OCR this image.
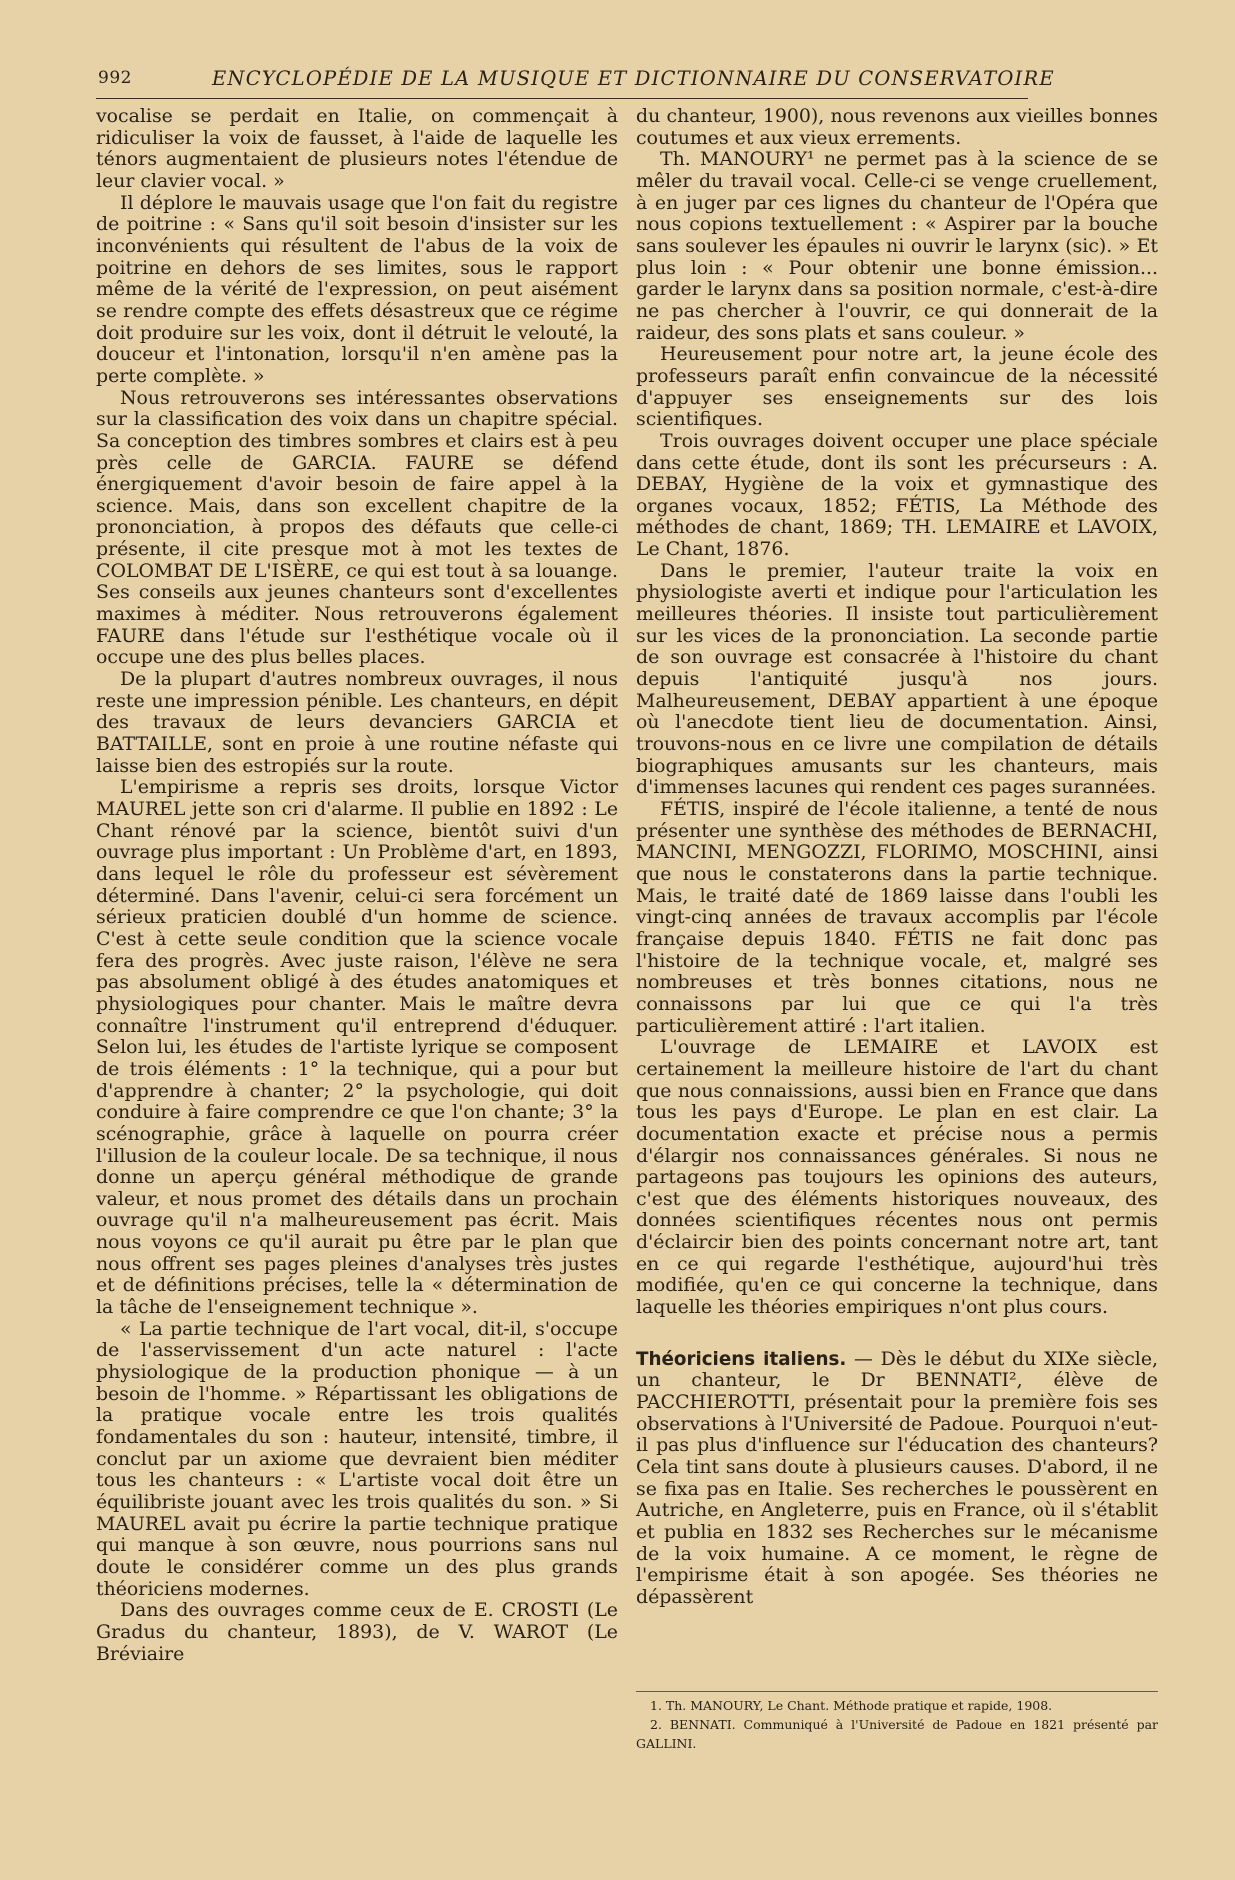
992	ENCYCLOPÉDIE DE LA MUSIQUE ET DICTIONNAIRE DU CONSERVATOIRE

vocalise se perdait en Italie, on commençait à ridiculiser la voix de fausset, à l'aide de laquelle les ténors augmentaient de plusieurs notes l'étendue de leur clavier vocal. »

Il déplore le mauvais usage que l'on fait du registre de poitrine : « Sans qu'il soit besoin d'insister sur les inconvénients qui résultent de l'abus de la voix de poitrine en dehors de ses limites, sous le rapport même de la vérité de l'expression, on peut aisément se rendre compte des effets désastreux que ce régime doit produire sur les voix, dont il détruit le velouté, la douceur et l'intonation, lorsqu'il n'en amène pas la perte complète. »

Nous retrouverons ses intéressantes observations sur la classification des voix dans un chapitre spécial. Sa conception des timbres sombres et clairs est à peu près celle de GARCIA. FAURE se défend énergiquement d'avoir besoin de faire appel à la science. Mais, dans son excellent chapitre de la prononciation, à propos des défauts que celle-ci présente, il cite presque mot à mot les textes de COLOMBAT DE L'ISÈRE, ce qui est tout à sa louange. Ses conseils aux jeunes chanteurs sont d'excellentes maximes à méditer. Nous retrouverons également FAURE dans l'étude sur l'esthétique vocale où il occupe une des plus belles places.

De la plupart d'autres nombreux ouvrages, il nous reste une impression pénible. Les chanteurs, en dépit des travaux de leurs devanciers GARCIA et BATTAILLE, sont en proie à une routine néfaste qui laisse bien des estropiés sur la route.

L'empirisme a repris ses droits, lorsque Victor MAUREL jette son cri d'alarme. Il publie en 1892 : Le Chant rénové par la science, bientôt suivi d'un ouvrage plus important : Un Problème d'art, en 1893, dans lequel le rôle du professeur est sévèrement déterminé. Dans l'avenir, celui-ci sera forcément un sérieux praticien doublé d'un homme de science. C'est à cette seule condition que la science vocale fera des progrès. Avec juste raison, l'élève ne sera pas absolument obligé à des études anatomiques et physiologiques pour chanter. Mais le maître devra connaître l'instrument qu'il entreprend d'éduquer. Selon lui, les études de l'artiste lyrique se composent de trois éléments : 1° la technique, qui a pour but d'apprendre à chanter; 2° la psychologie, qui doit conduire à faire comprendre ce que l'on chante; 3° la scénographie, grâce à laquelle on pourra créer l'illusion de la couleur locale. De sa technique, il nous donne un aperçu général méthodique de grande valeur, et nous promet des détails dans un prochain ouvrage qu'il n'a malheureusement pas écrit. Mais nous voyons ce qu'il aurait pu être par le plan que nous offrent ses pages pleines d'analyses très justes et de définitions précises, telle la « détermination de la tâche de l'enseignement technique ».

« La partie technique de l'art vocal, dit-il, s'occupe de l'asservissement d'un acte naturel : l'acte physiologique de la production phonique — à un besoin de l'homme. » Répartissant les obligations de la pratique vocale entre les trois qualités fondamentales du son : hauteur, intensité, timbre, il conclut par un axiome que devraient bien méditer tous les chanteurs : « L'artiste vocal doit être un équilibriste jouant avec les trois qualités du son. » Si MAUREL avait pu écrire la partie technique pratique qui manque à son œuvre, nous pourrions sans nul doute le considérer comme un des plus grands théoriciens modernes.

Dans des ouvrages comme ceux de E. CROSTI (Le Gradus du chanteur, 1893), de V. WAROT (Le Bréviaire

du chanteur, 1900), nous revenons aux vieilles bonnes coutumes et aux vieux errements.

Th. MANOURY¹ ne permet pas à la science de se mêler du travail vocal. Celle-ci se venge cruellement, à en juger par ces lignes du chanteur de l'Opéra que nous copions textuellement : « Aspirer par la bouche sans soulever les épaules ni ouvrir le larynx (sic). » Et plus loin : « Pour obtenir une bonne émission... garder le larynx dans sa position normale, c'est-à-dire ne pas chercher à l'ouvrir, ce qui donnerait de la raideur, des sons plats et sans couleur. »

Heureusement pour notre art, la jeune école des professeurs paraît enfin convaincue de la nécessité d'appuyer ses enseignements sur des lois scientifiques.

Trois ouvrages doivent occuper une place spéciale dans cette étude, dont ils sont les précurseurs : A. DEBAY, Hygiène de la voix et gymnastique des organes vocaux, 1852; FÉTIS, La Méthode des méthodes de chant, 1869; TH. LEMAIRE et LAVOIX, Le Chant, 1876.

Dans le premier, l'auteur traite la voix en physiologiste averti et indique pour l'articulation les meilleures théories. Il insiste tout particulièrement sur les vices de la prononciation. La seconde partie de son ouvrage est consacrée à l'histoire du chant depuis l'antiquité jusqu'à nos jours. Malheureusement, DEBAY appartient à une époque où l'anecdote tient lieu de documentation. Ainsi, trouvons-nous en ce livre une compilation de détails biographiques amusants sur les chanteurs, mais d'immenses lacunes qui rendent ces pages surannées.

FÉTIS, inspiré de l'école italienne, a tenté de nous présenter une synthèse des méthodes de BERNACHI, MANCINI, MENGOZZI, FLORIMO, MOSCHINI, ainsi que nous le constaterons dans la partie technique. Mais, le traité daté de 1869 laisse dans l'oubli les vingt-cinq années de travaux accomplis par l'école française depuis 1840. FÉTIS ne fait donc pas l'histoire de la technique vocale, et, malgré ses nombreuses et très bonnes citations, nous ne connaissons par lui que ce qui l'a très particulièrement attiré : l'art italien.

L'ouvrage de LEMAIRE et LAVOIX est certainement la meilleure histoire de l'art du chant que nous connaissions, aussi bien en France que dans tous les pays d'Europe. Le plan en est clair. La documentation exacte et précise nous a permis d'élargir nos connaissances générales. Si nous ne partageons pas toujours les opinions des auteurs, c'est que des éléments historiques nouveaux, des données scientifiques récentes nous ont permis d'éclaircir bien des points concernant notre art, tant en ce qui regarde l'esthétique, aujourd'hui très modifiée, qu'en ce qui concerne la technique, dans laquelle les théories empiriques n'ont plus cours.

Théoriciens italiens. — Dès le début du XIXe siècle, un chanteur, le Dr BENNATI², élève de PACCHIEROTTI, présentait pour la première fois ses observations à l'Université de Padoue. Pourquoi n'eut-il pas plus d'influence sur l'éducation des chanteurs? Cela tint sans doute à plusieurs causes. D'abord, il ne se fixa pas en Italie. Ses recherches le poussèrent en Autriche, en Angleterre, puis en France, où il s'établit et publia en 1832 ses Recherches sur le mécanisme de la voix humaine. A ce moment, le règne de l'empirisme était à son apogée. Ses théories ne dépassèrent

1. Th. MANOURY, Le Chant. Méthode pratique et rapide, 1908.

2. BENNATI. Communiqué à l'Université de Padoue en 1821 présenté par GALLINI.
